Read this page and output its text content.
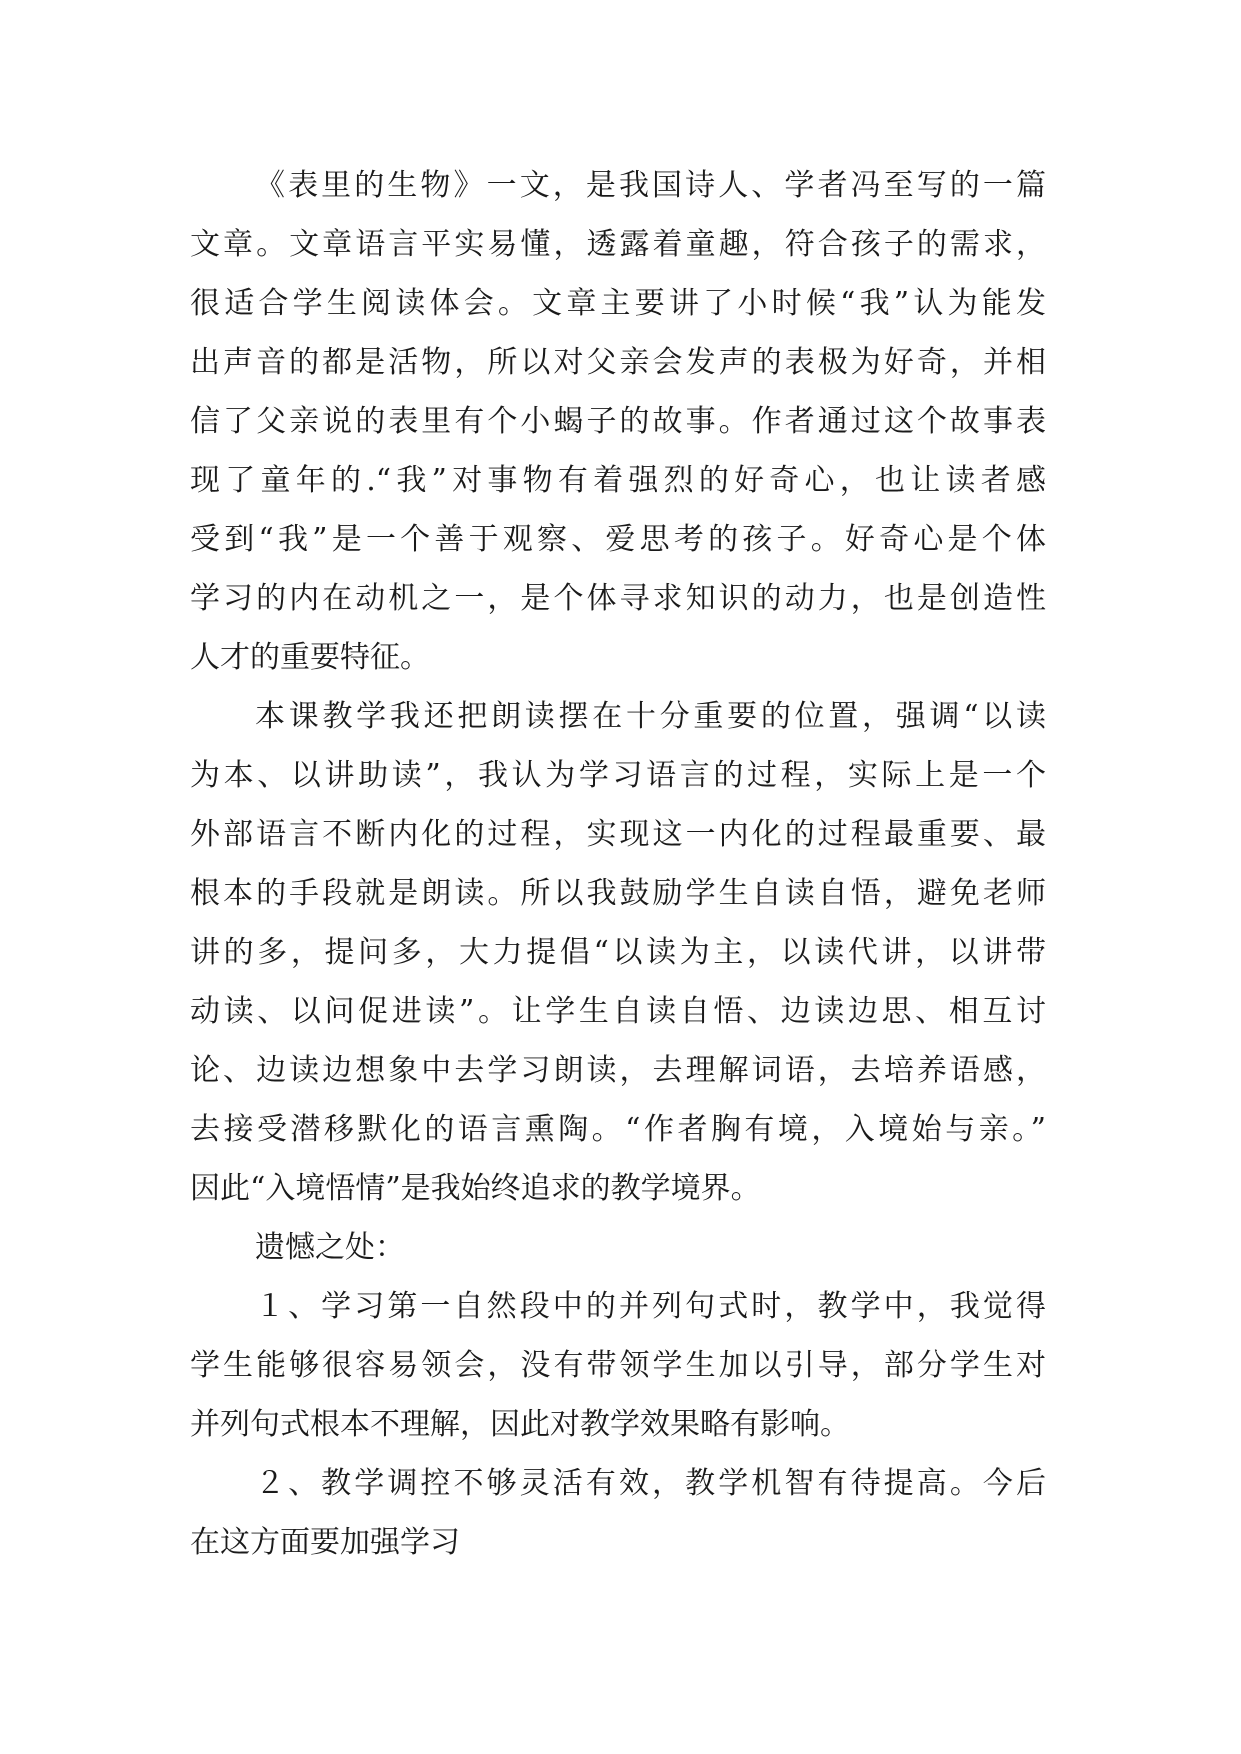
《表里的生物》一文，是我国诗人、学者冯至写的一篇
文章。文章语言平实易懂，透露着童趣，符合孩子的需求，
很适合学生阅读体会。文章主要讲了小时候“我”认为能发
出声音的都是活物，所以对父亲会发声的表极为好奇，并相
信了父亲说的表里有个小蝎子的故事。作者通过这个故事表
现了童年的.“我”对事物有着强烈的好奇心，也让读者感
受到“我”是一个善于观察、爱思考的孩子。好奇心是个体
学习的内在动机之一，是个体寻求知识的动力，也是创造性
人才的重要特征。
本课教学我还把朗读摆在十分重要的位置，强调“以读
为本、以讲助读”，我认为学习语言的过程，实际上是一个
外部语言不断内化的过程，实现这一内化的过程最重要、最
根本的手段就是朗读。所以我鼓励学生自读自悟，避免老师
讲的多，提问多，大力提倡“以读为主，以读代讲，以讲带
动读、以问促进读”。让学生自读自悟、边读边思、相互讨
论、边读边想象中去学习朗读，去理解词语，去培养语感，
去接受潜移默化的语言熏陶。“作者胸有境，入境始与亲。”
因此“入境悟情”是我始终追求的教学境界。
遗憾之处：
１、学习第一自然段中的并列句式时，教学中，我觉得
学生能够很容易领会，没有带领学生加以引导，部分学生对
并列句式根本不理解，因此对教学效果略有影响。
２、教学调控不够灵活有效，教学机智有待提高。今后
在这方面要加强学习
